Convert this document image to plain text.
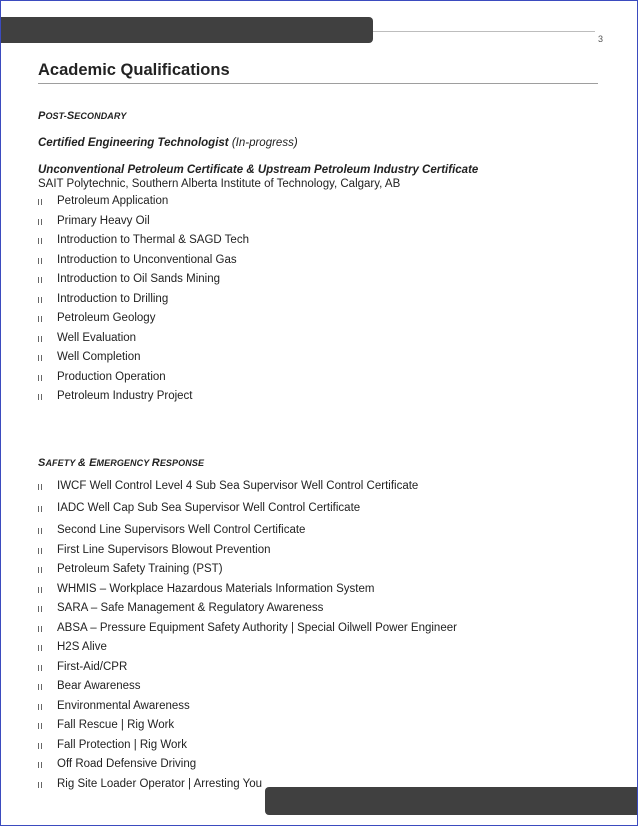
3
Academic Qualifications

POST-SECONDARY

Certified Engineering Technologist (In-progress)
Unconventional Petroleum Certificate & Upstream Petroleum Industry Certificate
SAIT Polytechnic, Southern Alberta Institute of Technology, Calgary, AB
Petroleum Application
Primary Heavy Oil
Introduction to Thermal & SAGD Tech
Introduction to Unconventional Gas
Introduction to Oil Sands Mining
Introduction to Drilling
Petroleum Geology
Well Evaluation
Well Completion
Production Operation
Petroleum Industry Project

SAFETY & EMERGENCY RESPONSE

IWCF Well Control Level 4 Sub Sea Supervisor Well Control Certificate
IADC Well Cap Sub Sea Supervisor Well Control Certificate
Second Line Supervisors Well Control Certificate
First Line Supervisors Blowout Prevention
Petroleum Safety Training (PST)
WHMIS – Workplace Hazardous Materials Information System
SARA – Safe Management & Regulatory Awareness
ABSA – Pressure Equipment Safety Authority | Special Oilwell Power Engineer
H2S Alive
First-Aid/CPR
Bear Awareness
Environmental Awareness
Fall Rescue | Rig Work
Fall Protection | Rig Work
Off Road Defensive Driving
Rig Site Loader Operator | Arresting You
